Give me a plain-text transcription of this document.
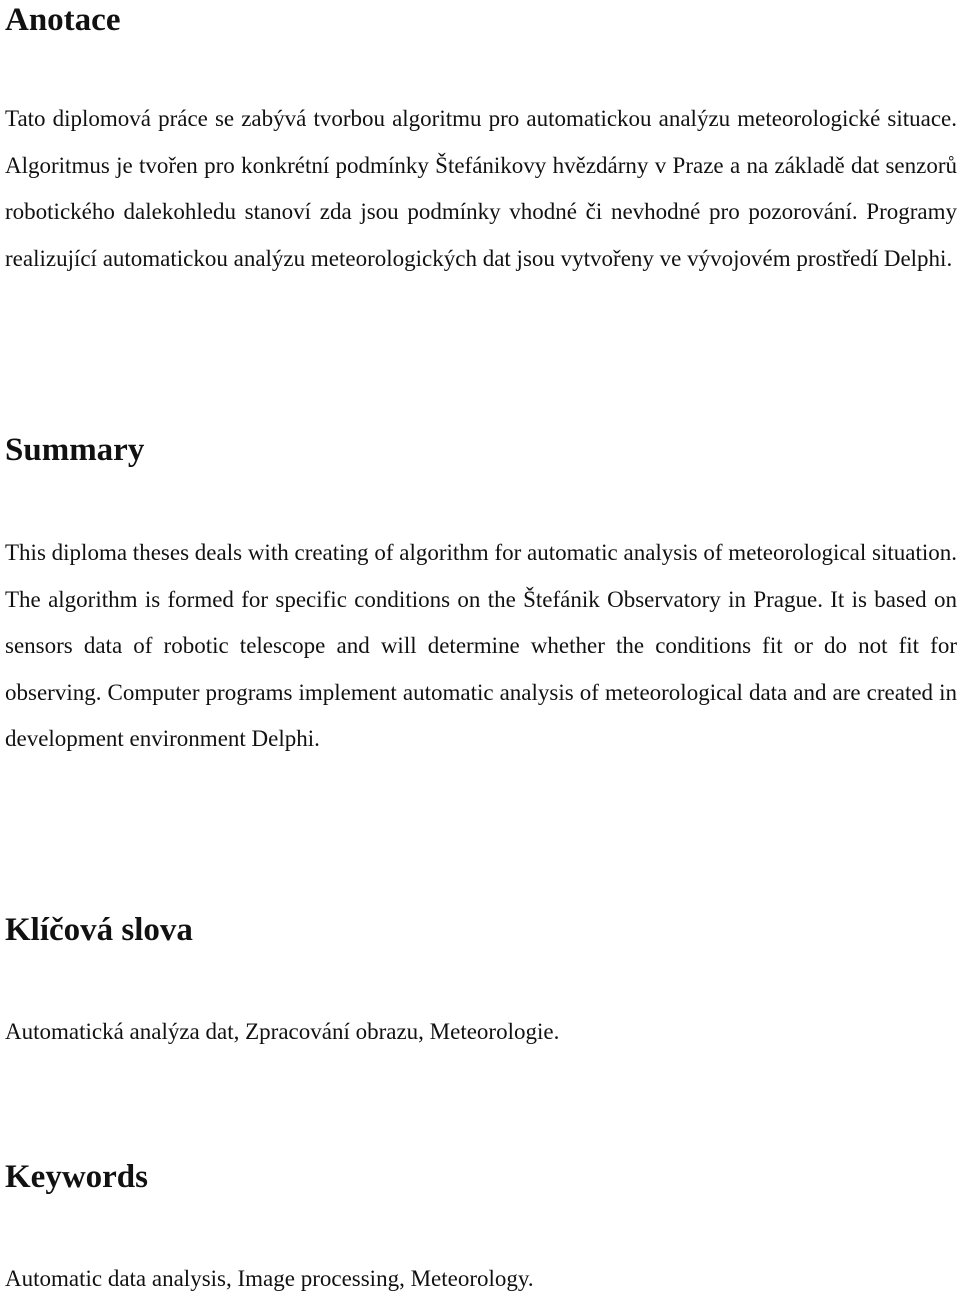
Anotace

Tato diplomová práce se zabývá tvorbou algoritmu pro automatickou analýzu meteorologické situace. Algoritmus je tvořen pro konkrétní podmínky Štefánikovy hvězdárny v Praze a na základě dat senzorů robotického dalekohledu stanoví zda jsou podmínky vhodné či nevhodné pro pozorování. Programy realizující automatickou analýzu meteorologických dat jsou vytvořeny ve vývojovém prostředí Delphi.

Summary

This diploma theses deals with creating of algorithm for automatic analysis of meteorological situation. The algorithm is formed for specific conditions on the Štefánik Observatory in Prague. It is based on sensors data of robotic telescope and will determine whether the conditions fit or do not fit for observing. Computer programs implement automatic analysis of meteorological data and are created in development environment Delphi.

Klíčová slova

Automatická analýza dat, Zpracování obrazu, Meteorologie.

Keywords

Automatic data analysis, Image processing, Meteorology.
